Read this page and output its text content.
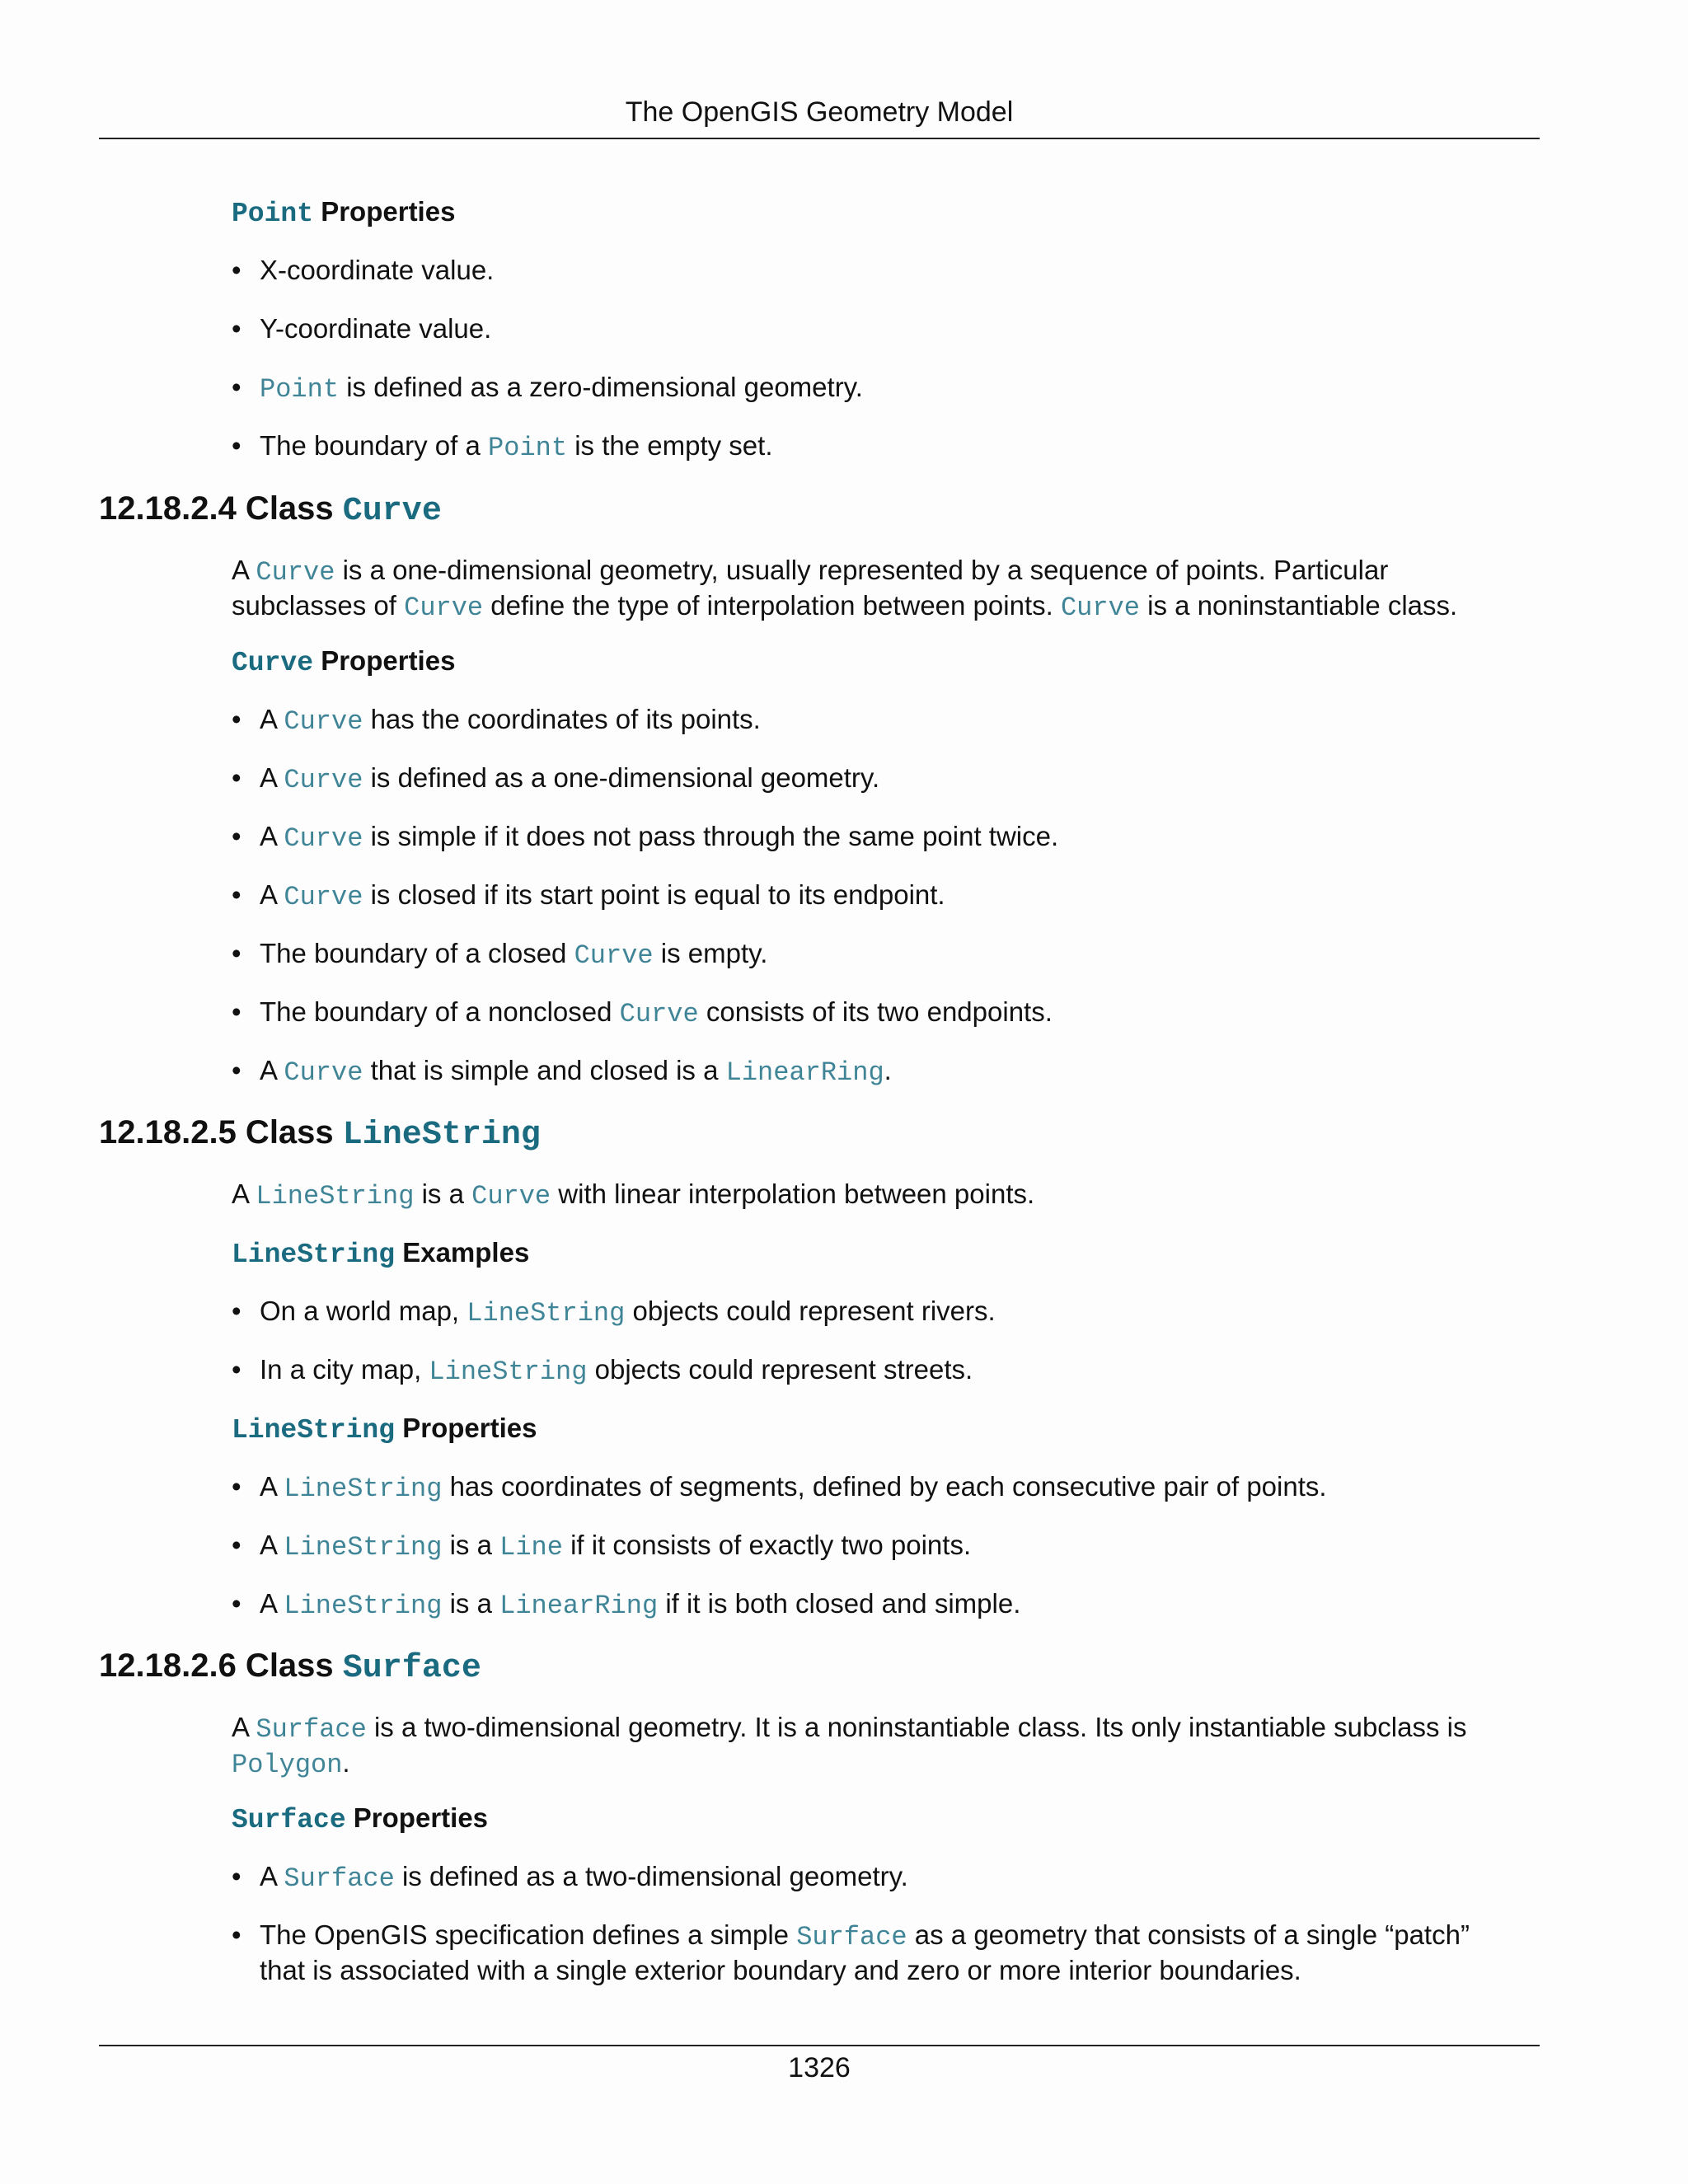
The OpenGIS Geometry Model
Point Properties
• X-coordinate value.
• Y-coordinate value.
• Point is defined as a zero-dimensional geometry.
• The boundary of a Point is the empty set.
12.18.2.4 Class Curve
A Curve is a one-dimensional geometry, usually represented by a sequence of points. Particular subclasses of Curve define the type of interpolation between points. Curve is a noninstantiable class.
Curve Properties
• A Curve has the coordinates of its points.
• A Curve is defined as a one-dimensional geometry.
• A Curve is simple if it does not pass through the same point twice.
• A Curve is closed if its start point is equal to its endpoint.
• The boundary of a closed Curve is empty.
• The boundary of a nonclosed Curve consists of its two endpoints.
• A Curve that is simple and closed is a LinearRing.
12.18.2.5 Class LineString
A LineString is a Curve with linear interpolation between points.
LineString Examples
• On a world map, LineString objects could represent rivers.
• In a city map, LineString objects could represent streets.
LineString Properties
• A LineString has coordinates of segments, defined by each consecutive pair of points.
• A LineString is a Line if it consists of exactly two points.
• A LineString is a LinearRing if it is both closed and simple.
12.18.2.6 Class Surface
A Surface is a two-dimensional geometry. It is a noninstantiable class. Its only instantiable subclass is Polygon.
Surface Properties
• A Surface is defined as a two-dimensional geometry.
• The OpenGIS specification defines a simple Surface as a geometry that consists of a single “patch” that is associated with a single exterior boundary and zero or more interior boundaries.
1326
